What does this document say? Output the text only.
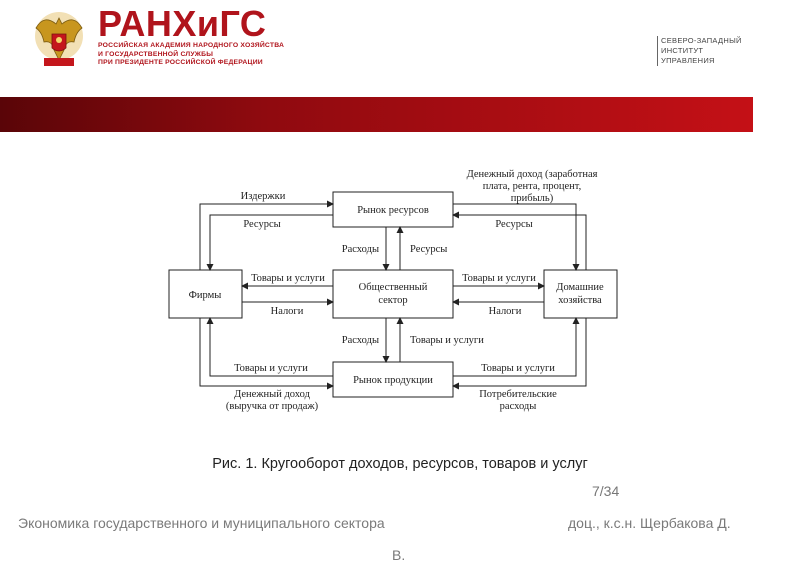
РАНХиГС
РОССИЙСКАЯ АКАДЕМИЯ НАРОДНОГО ХОЗЯЙСТВА
И ГОСУДАРСТВЕННОЙ СЛУЖБЫ
ПРИ ПРЕЗИДЕНТЕ РОССИЙСКОЙ ФЕДЕРАЦИИ
СЕВЕРО-ЗАПАДНЫЙ
ИНСТИТУТ
УПРАВЛЕНИЯ
Рынок ресурсов
Фирмы
Общественный
сектор
Домашние
хозяйства
Рынок продукции
Издержки
Ресурсы
Денежный доход (заработная
плата, рента, процент,
прибыль)
Ресурсы
Расходы	Ресурсы
Товары и услуги
Налоги
Товары и услуги
Налоги
Расходы	Товары и услуги
Товары и услуги
Денежный доход
(выручка от продаж)
Товары и услуги
Потребительские
расходы
Рис. 1. Кругооборот доходов, ресурсов, товаров и услуг
7/34
Экономика государственного и муниципального сектора	доц., к.с.н. Щербакова Д.
В.
